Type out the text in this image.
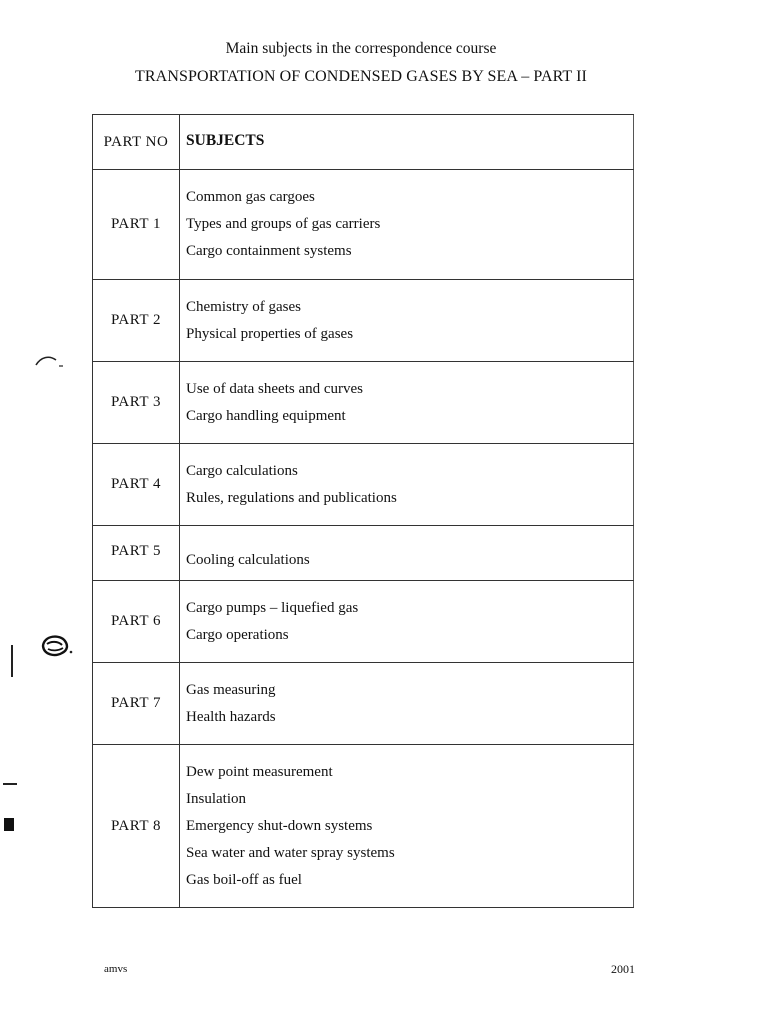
Main subjects in the correspondence course
TRANSPORTATION OF CONDENSED GASES BY SEA – PART II
PART NO	SUBJECTS
PART 1
Common gas cargoes
Types and groups of gas carriers
Cargo containment systems
PART 2
Chemistry of gases
Physical properties of gases
PART 3
Use of data sheets and curves
Cargo handling equipment
PART 4
Cargo calculations
Rules, regulations and publications
PART 5
Cooling calculations
PART 6
Cargo pumps – liquefied gas
Cargo operations
PART 7
Gas measuring
Health hazards
PART 8
Dew point measurement
Insulation
Emergency shut-down systems
Sea water and water spray systems
Gas boil-off as fuel
amvs	2001
